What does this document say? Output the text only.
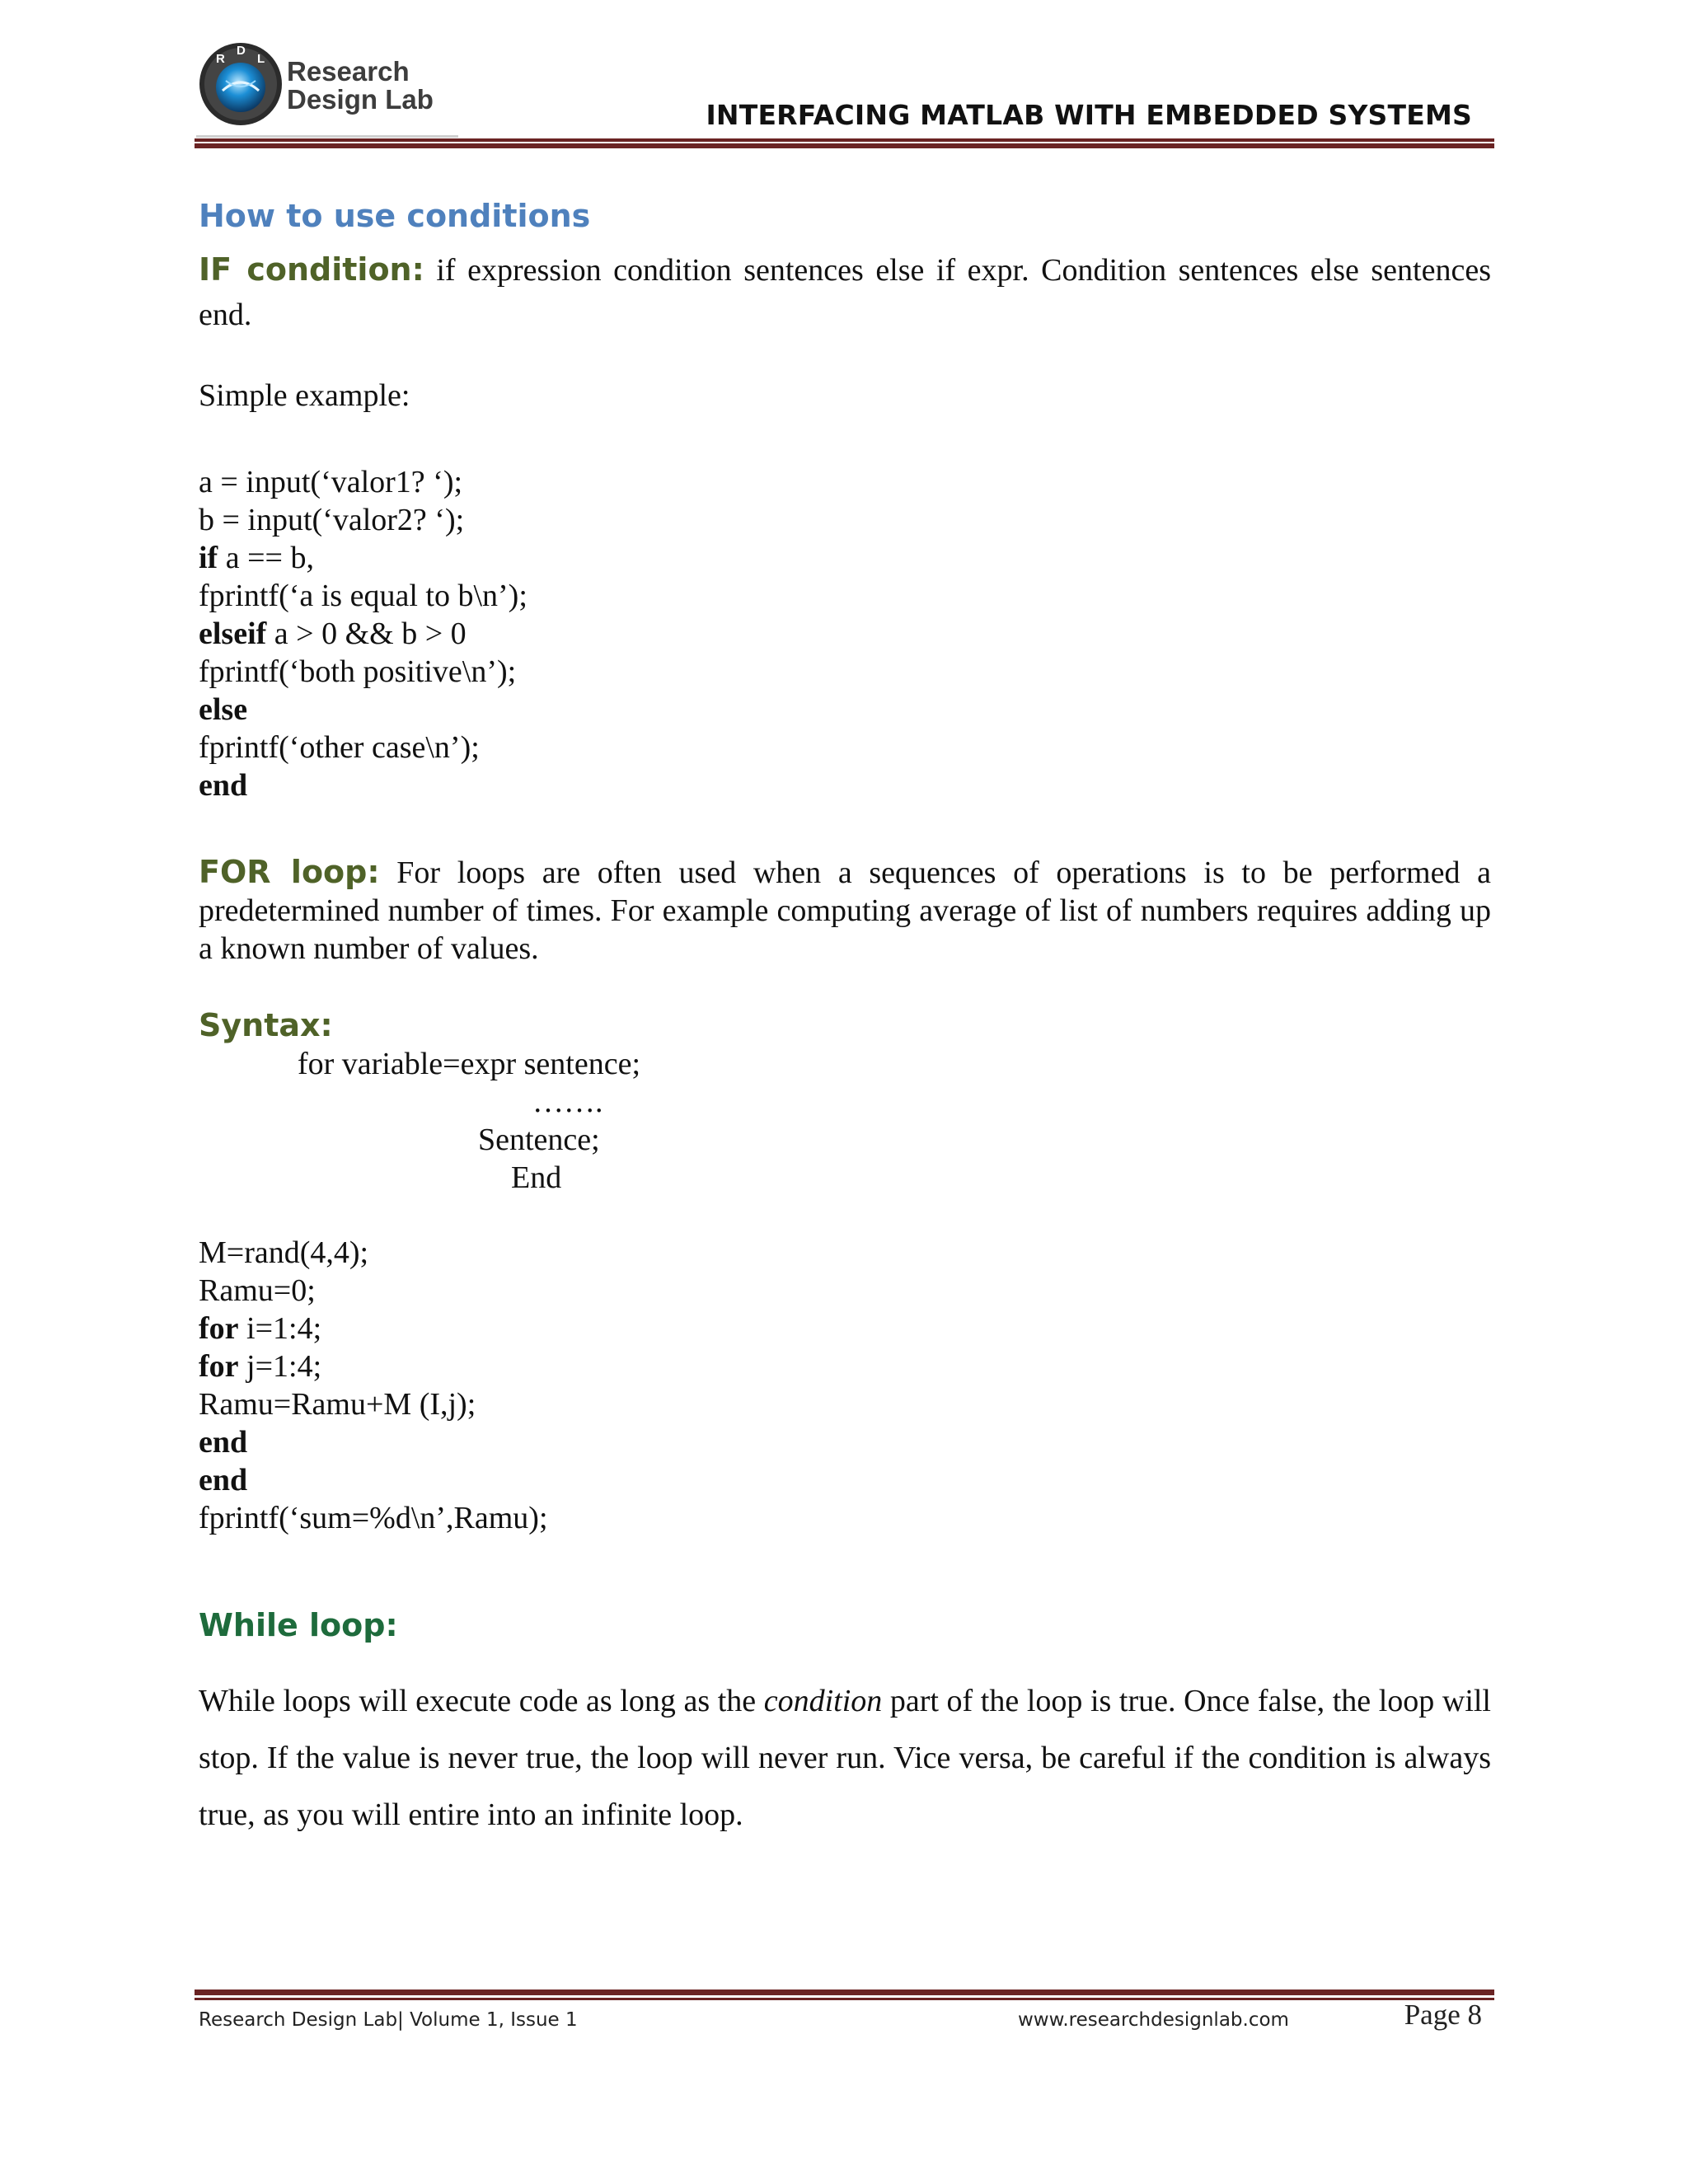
R
D
L Research
Design Lab	INTERFACING MATLAB WITH EMBEDDED SYSTEMS
How to use conditions
IF condition: if expression condition sentences else if expr. Condition sentences else sentences end.
Simple example:
a = input(‘valor1? ‘);
b = input(‘valor2? ‘);
if a == b,
fprintf(‘a is equal to b\n’);
elseif a > 0 && b > 0
fprintf(‘both positive\n’);
else
fprintf(‘other case\n’);
end
FOR loop: For loops are often used when a sequences of operations is to be performed a predetermined number of times. For example computing average of list of numbers requires adding up a known number of values.
Syntax:
for variable=expr sentence;
…….
Sentence;
End
M=rand(4,4);
Ramu=0;
for i=1:4;
for j=1:4;
Ramu=Ramu+M (I,j);
end
end
fprintf(‘sum=%d\n’,Ramu);
While loop:
While loops will execute code as long as the condition part of the loop is true. Once false, the loop will stop. If the value is never true, the loop will never run. Vice versa, be careful if the condition is always true, as you will entire into an infinite loop.
Research Design Lab| Volume 1, Issue 1	www.researchdesignlab.com	Page 8
